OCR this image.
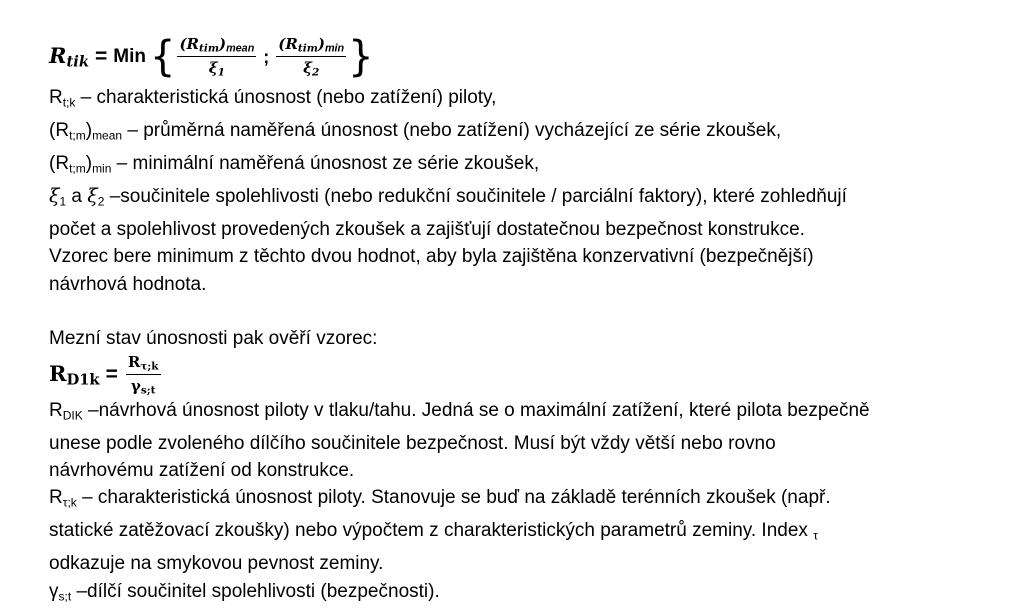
$R_{tik}$ = Min { $\frac{(R_{tim})mean}{\xi_1}$ ; $\frac{(R_{tim})\min}{\xi_2}$ }

Rt;k – charakteristická únosnost (nebo zatížení) piloty,

(Rt;m)mean – průměrná naměřená únosnost (nebo zatížení) vycházející ze série zkoušek,

(Rt;m)min – minimální naměřená únosnost ze série zkoušek,

ξ1 a ξ2 –součinitele spolehlivosti (nebo redukční součinitele / parciální faktory), které zohledňují

počet a spolehlivost provedených zkoušek a zajišťují dostatečnou bezpečnost konstrukce.

Vzorec bere minimum z těchto dvou hodnot, aby byla zajištěna konzervativní (bezpečnější)

návrhová hodnota.

Mezní stav únosnosti pak ověří vzorec:

$R_{D1k} = \frac{R_{\tau;k}}{\gamma_{s;t}}$

RDIK –návrhová únosnost piloty v tlaku/tahu. Jedná se o maximální zatížení, které pilota bezpečně

unese podle zvoleného dílčího součinitele bezpečnost. Musí být vždy větší nebo rovno

návrhovému zatížení od konstrukce.

Rτ;k – charakteristická únosnost piloty. Stanovuje se buď na základě terénních zkoušek (např.

statické zatěžovací zkoušky) nebo výpočtem z charakteristických parametrů zeminy. Index τ

odkazuje na smykovou pevnost zeminy.

γs;t –dílčí součinitel spolehlivosti (bezpečnosti).
